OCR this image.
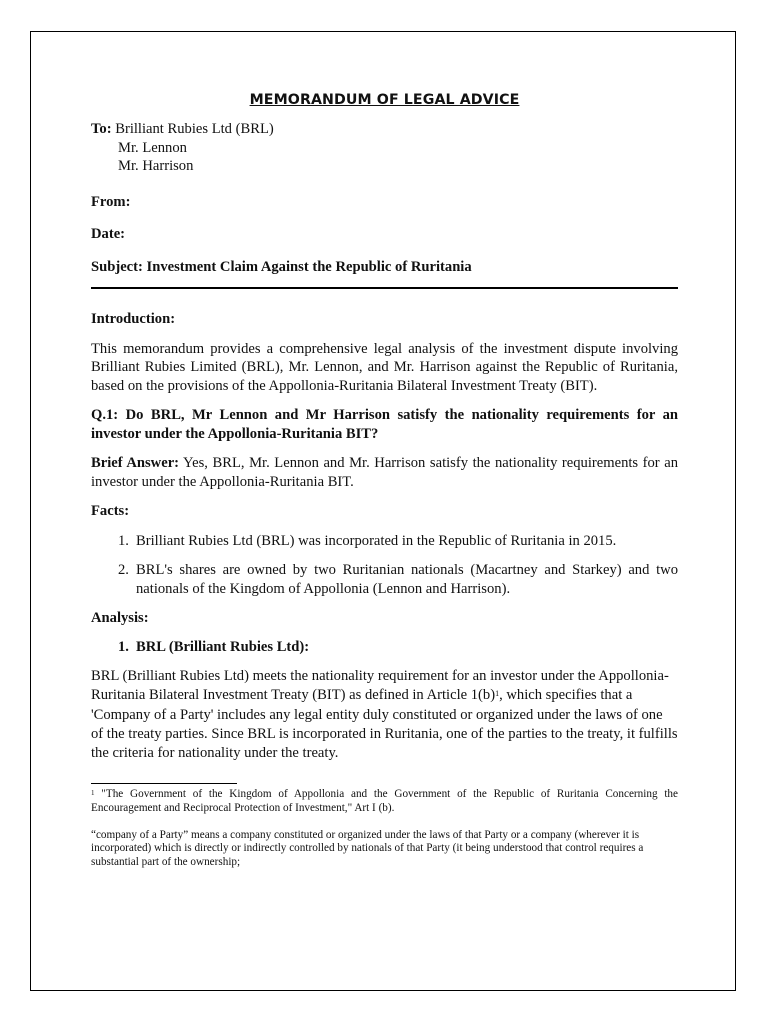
MEMORANDUM OF LEGAL ADVICE
To: Brilliant Rubies Ltd (BRL)
Mr. Lennon
Mr. Harrison
From:
Date:
Subject: Investment Claim Against the Republic of Ruritania
Introduction:

This memorandum provides a comprehensive legal analysis of the investment dispute involving Brilliant Rubies Limited (BRL), Mr. Lennon, and Mr. Harrison against the Republic of Ruritania, based on the provisions of the Appollonia-Ruritania Bilateral Investment Treaty (BIT).

Q.1: Do BRL, Mr Lennon and Mr Harrison satisfy the nationality requirements for an investor under the Appollonia-Ruritania BIT?

Brief Answer: Yes, BRL, Mr. Lennon and Mr. Harrison satisfy the nationality requirements for an investor under the Appollonia-Ruritania BIT.

Facts:
1. Brilliant Rubies Ltd (BRL) was incorporated in the Republic of Ruritania in 2015.
2. BRL's shares are owned by two Ruritanian nationals (Macartney and Starkey) and two nationals of the Kingdom of Appollonia (Lennon and Harrison).
Analysis:
1. BRL (Brilliant Rubies Ltd):

BRL (Brilliant Rubies Ltd) meets the nationality requirement for an investor under the Appollonia-Ruritania Bilateral Investment Treaty (BIT) as defined in Article 1(b)$^1$, which specifies that a 'Company of a Party' includes any legal entity duly constituted or organized under the laws of one of the treaty parties. Since BRL is incorporated in Ruritania, one of the parties to the treaty, it fulfills the criteria for nationality under the treaty.

$^1$ "The Government of the Kingdom of Appollonia and the Government of the Republic of Ruritania Concerning the Encouragement and Reciprocal Protection of Investment," Art I (b).

“company of a Party” means a company constituted or organized under the laws of that Party or a company (wherever it is incorporated) which is directly or indirectly controlled by nationals of that Party (it being understood that control requires a substantial part of the ownership;
